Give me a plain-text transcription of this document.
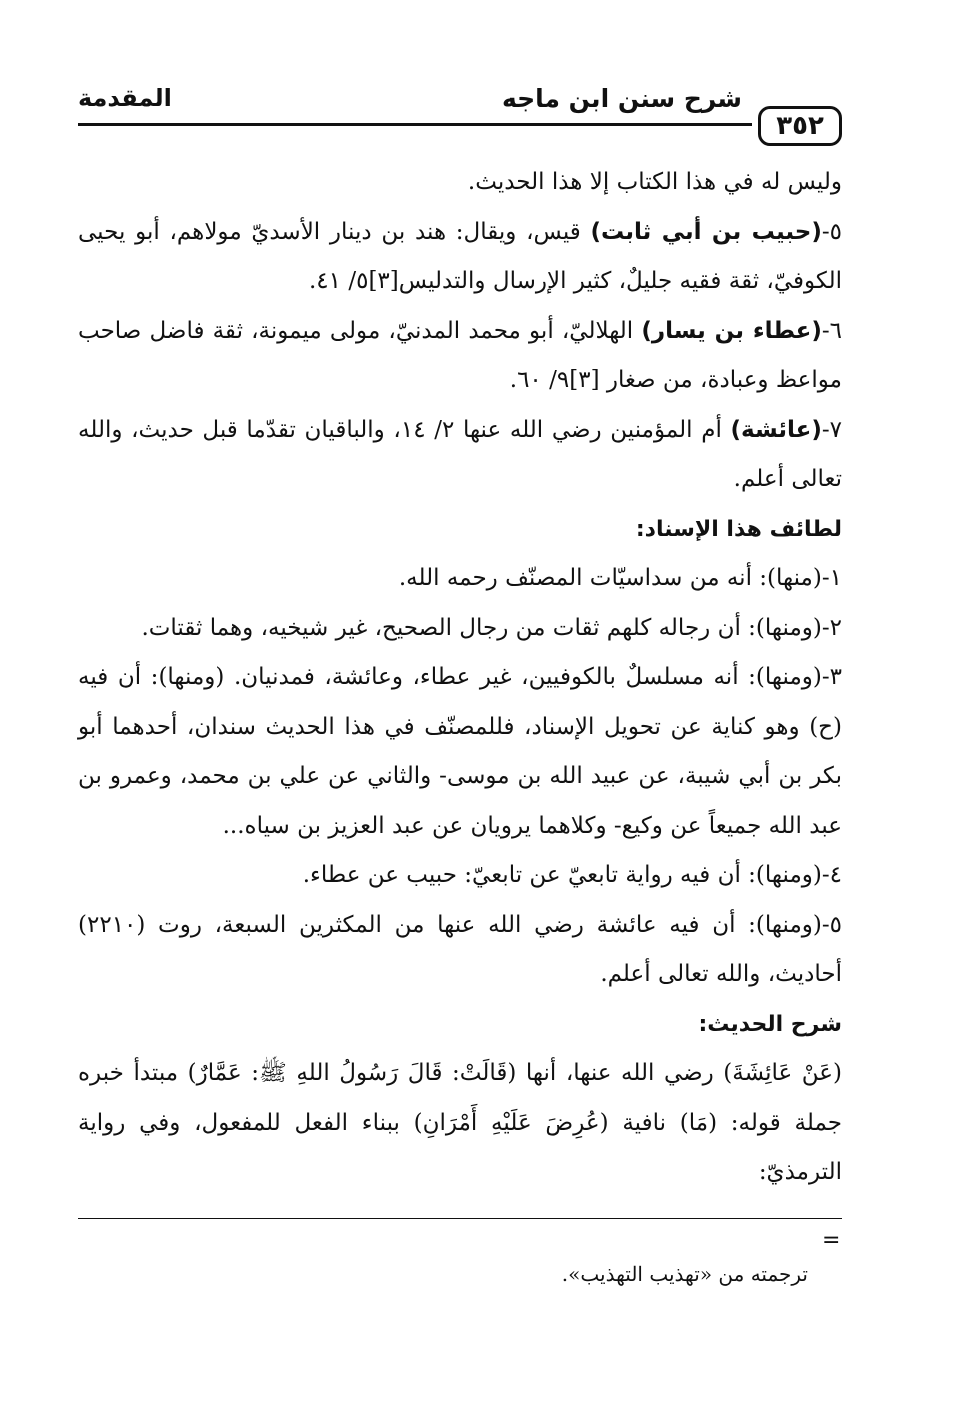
المقدمة	شرح سنن ابن ماجه
٣٥٢

وليس له في هذا الكتاب إلا هذا الحديث.

٥-(حبيب بن أبي ثابت) قيس، ويقال: هند بن دينار الأسديّ مولاهم، أبو يحيى الكوفيّ، ثقة فقيه جليلٌ، كثير الإرسال والتدليس[٣]٥/ ٤١.

٦-(عطاء بن يسار) الهلاليّ، أبو محمد المدنيّ، مولى ميمونة، ثقة فاضل صاحب مواعظ وعبادة، من صغار [٣]٩/ ٦٠.

٧-(عائشة) أم المؤمنين رضي الله عنها ٢/ ١٤، والباقيان تقدّما قبل حديث، والله تعالى أعلم.

لطائف هذا الإسناد:

١-(منها): أنه من سداسيّات المصنّف رحمه الله.

٢-(ومنها): أن رجاله كلهم ثقات من رجال الصحيح، غير شيخيه، وهما ثقتات.

٣-(ومنها): أنه مسلسلٌ بالكوفيين، غير عطاء، وعائشة، فمدنيان. (ومنها): أن فيه (ح) وهو كناية عن تحويل الإسناد، فللمصنّف في هذا الحديث سندان، أحدهما أبو بكر بن أبي شيبة، عن عبيد الله بن موسى- والثاني عن علي بن محمد، وعمرو بن عبد الله جميعاً عن وكيع- وكلاهما يرويان عن عبد العزيز بن سياه...

٤-(ومنها): أن فيه رواية تابعيّ عن تابعيّ: حبيب عن عطاء.

٥-(ومنها): أن فيه عائشة رضي الله عنها من المكثرين السبعة، روت (٢٢١٠) أحاديث، والله تعالى أعلم.

شرح الحديث:

(عَنْ عَائِشَةَ) رضي الله عنها، أنها (قَالَتْ: قَالَ رَسُولُ اللهِ ﷺ: عَمَّارٌ) مبتدأ خبره جملة قوله: (مَا) نافية (عُرِضَ عَلَيْهِ أَمْرَانِ) ببناء الفعل للمفعول، وفي رواية الترمذيّ:

=
ترجمته من «تهذيب التهذيب».
